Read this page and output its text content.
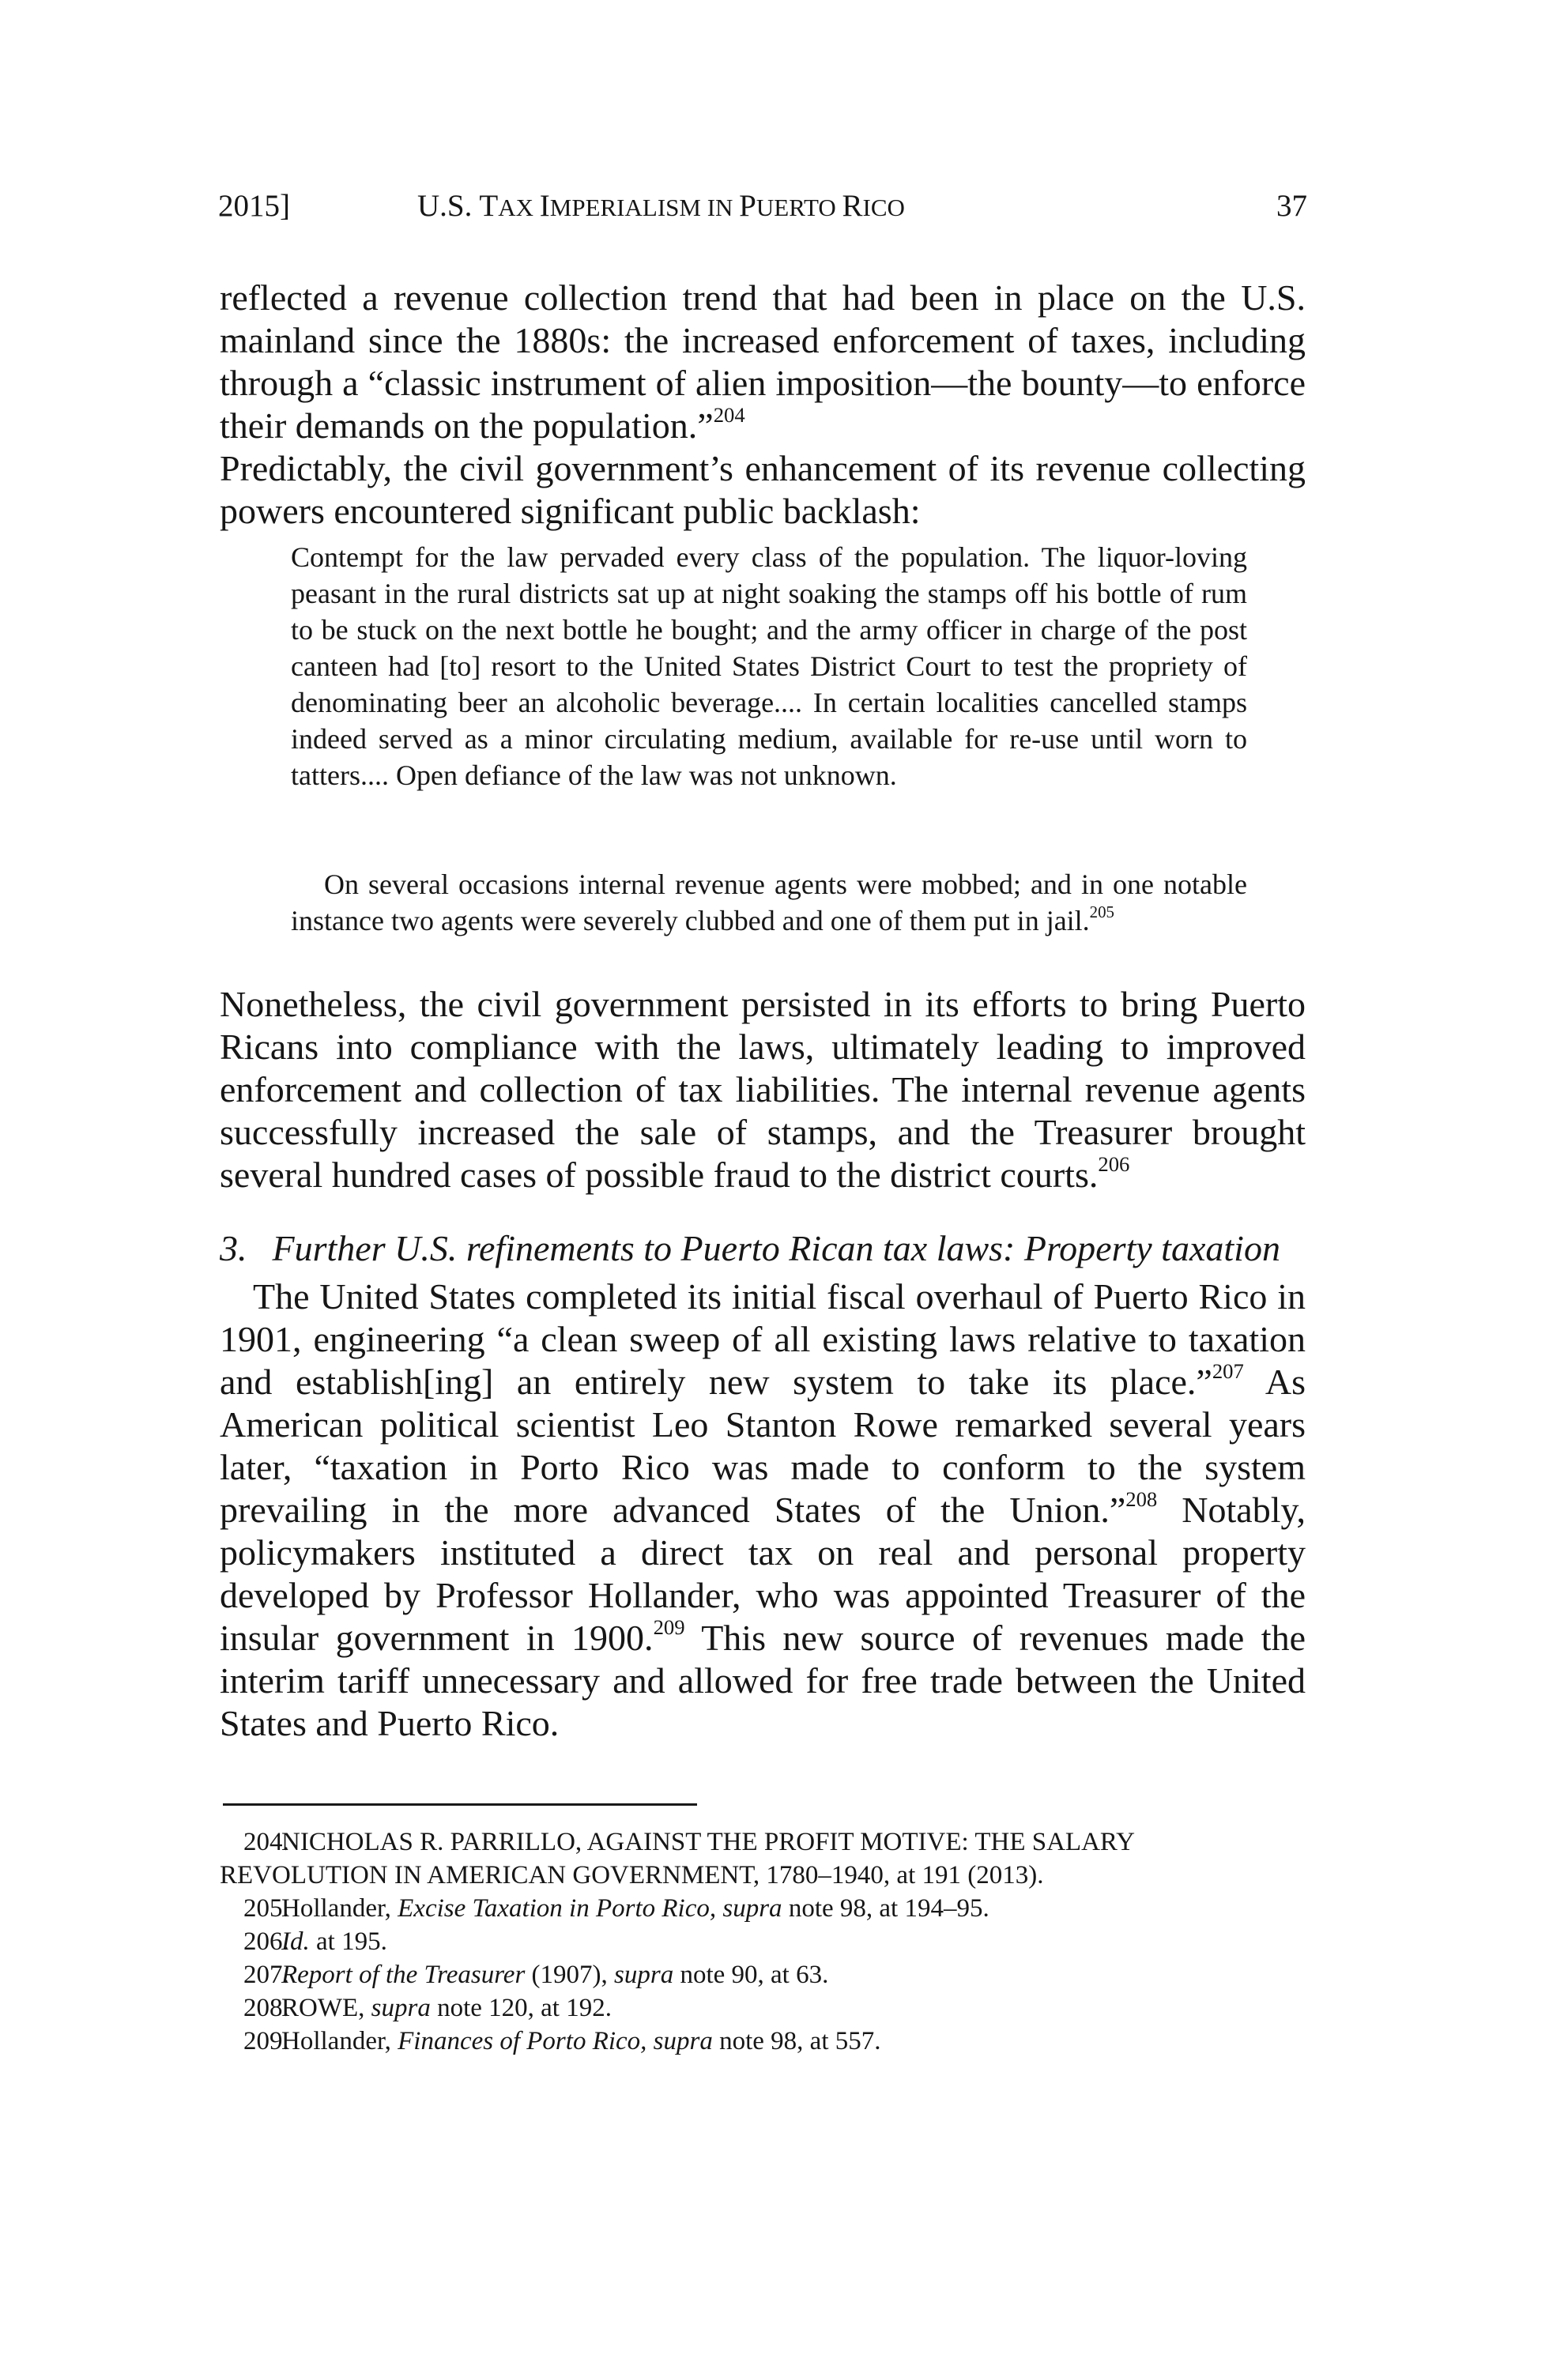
2015]	U.S. TAX IMPERIALISM IN PUERTO RICO	37

reflected a revenue collection trend that had been in place on the U.S. mainland since the 1880s: the increased enforcement of taxes, including through a “classic instrument of alien imposition—the bounty—to enforce their demands on the population.”$^{204}$

Predictably, the civil government’s enhancement of its revenue collecting powers encountered significant public backlash:

Contempt for the law pervaded every class of the population. The liquor-loving peasant in the rural districts sat up at night soaking the stamps off his bottle of rum to be stuck on the next bottle he bought; and the army officer in charge of the post canteen had [to] resort to the United States District Court to test the propriety of denominating beer an alcoholic beverage.... In certain localities cancelled stamps indeed served as a minor circulating medium, available for re-use until worn to tatters.... Open defiance of the law was not unknown.

On several occasions internal revenue agents were mobbed; and in one notable instance two agents were severely clubbed and one of them put in jail.$^{205}$

Nonetheless, the civil government persisted in its efforts to bring Puerto Ricans into compliance with the laws, ultimately leading to improved enforcement and collection of tax liabilities. The internal revenue agents successfully increased the sale of stamps, and the Treasurer brought several hundred cases of possible fraud to the district courts.$^{206}$

3. Further U.S. refinements to Puerto Rican tax laws: Property taxation

The United States completed its initial fiscal overhaul of Puerto Rico in 1901, engineering “a clean sweep of all existing laws relative to taxation and establish[ing] an entirely new system to take its place.”$^{207}$ As American political scientist Leo Stanton Rowe remarked several years later, “taxation in Porto Rico was made to conform to the system prevailing in the more advanced States of the Union.”$^{208}$ Notably, policymakers instituted a direct tax on real and personal property developed by Professor Hollander, who was appointed Treasurer of the insular government in 1900.$^{209}$ This new source of revenues made the interim tariff unnecessary and allowed for free trade between the United States and Puerto Rico.

204.NICHOLAS R. PARRILLO, AGAINST THE PROFIT MOTIVE: THE SALARY REVOLUTION IN AMERICAN GOVERNMENT, 1780–1940, at 191 (2013).

205.Hollander, Excise Taxation in Porto Rico, supra note 98, at 194–95.

206.Id. at 195.

207.Report of the Treasurer (1907), supra note 90, at 63.

208.ROWE, supra note 120, at 192.

209.Hollander, Finances of Porto Rico, supra note 98, at 557.
